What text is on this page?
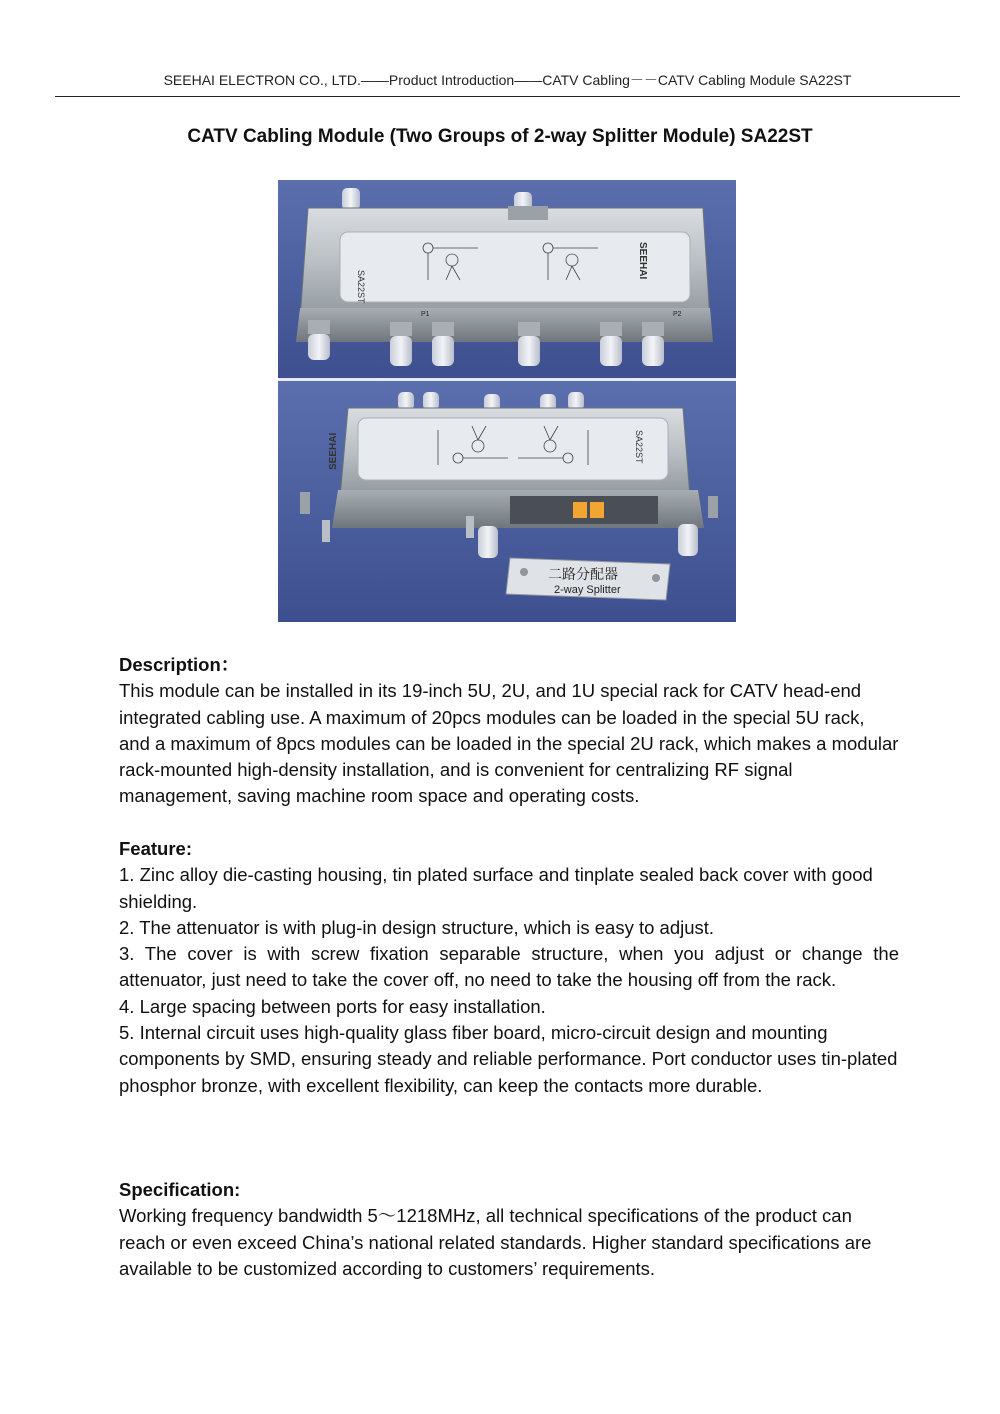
SEEHAI ELECTRON CO., LTD.——Product Introduction——CATV Cabling－－CATV Cabling Module SA22ST
CATV Cabling Module (Two Groups of 2-way Splitter Module) SA22ST
SA22ST
SEEHAI
P1	P2
SEEHAI	SA22ST
二路分配器
2-way Splitter
Description：

This module can be installed in its 19-inch 5U, 2U, and 1U special rack for CATV head-end integrated cabling use. A maximum of 20pcs modules can be loaded in the special 5U rack, and a maximum of 8pcs modules can be loaded in the special 2U rack, which makes a modular rack-mounted high-density installation, and is convenient for centralizing RF signal management, saving machine room space and operating costs.

Feature:

1. Zinc alloy die-casting housing, tin plated surface and tinplate sealed back cover with good shielding.

2. The attenuator is with plug-in design structure, which is easy to adjust.

3. The cover is with screw fixation separable structure, when you adjust or change the attenuator, just need to take the cover off, no need to take the housing off from the rack.

4. Large spacing between ports for easy installation.

5. Internal circuit uses high-quality glass fiber board, micro-circuit design and mounting components by SMD, ensuring steady and reliable performance. Port conductor uses tin-plated phosphor bronze, with excellent flexibility, can keep the contacts more durable.

Specification:

Working frequency bandwidth 5～1218MHz, all technical specifications of the product can reach or even exceed China’s national related standards. Higher standard specifications are available to be customized according to customers’ requirements.
